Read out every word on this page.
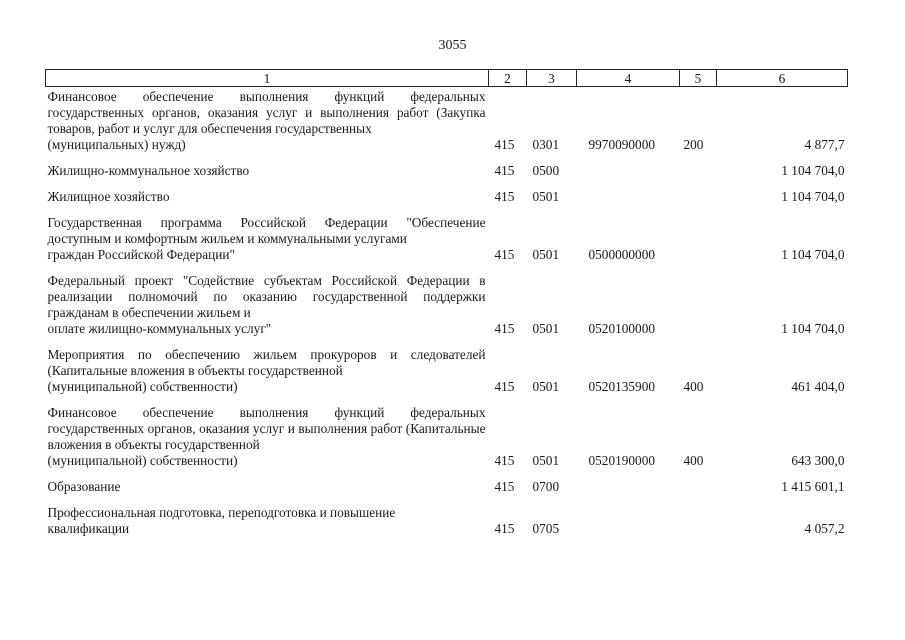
3055
1	2	3	4	5	6
Финансовое обеспечение выполнения функций федеральных государственных органов, оказания услуг и выполнения работ (Закупка товаров, работ и услуг для обеспечения государственных
(муниципальных) нужд)	415	0301	9970090000	200	4 877,7

Жилищно-коммунальное хозяйство	415	0500			1 104 704,0

Жилищное хозяйство	415	0501			1 104 704,0
Государственная программа Российской Федерации "Обеспечение доступным и комфортным жильем и коммунальными услугами
граждан Российской Федерации"	415	0501	0500000000		1 104 704,0
Федеральный проект "Содействие субъектам Российской Федерации в реализации полномочий по оказанию государственной поддержки гражданам в обеспечении жильем и
оплате жилищно-коммунальных услуг"	415	0501	0520100000		1 104 704,0
Мероприятия по обеспечению жильем прокуроров и следователей (Капитальные вложения в объекты государственной
(муниципальной) собственности)	415	0501	0520135900	400	461 404,0
Финансовое обеспечение выполнения функций федеральных государственных органов, оказания услуг и выполнения работ (Капитальные вложения в объекты государственной
(муниципальной) собственности)	415	0501	0520190000	400	643 300,0

Образование	415	0700			1 415 601,1
Профессиональная подготовка, переподготовка и повышение
квалификации	415	0705			4 057,2
